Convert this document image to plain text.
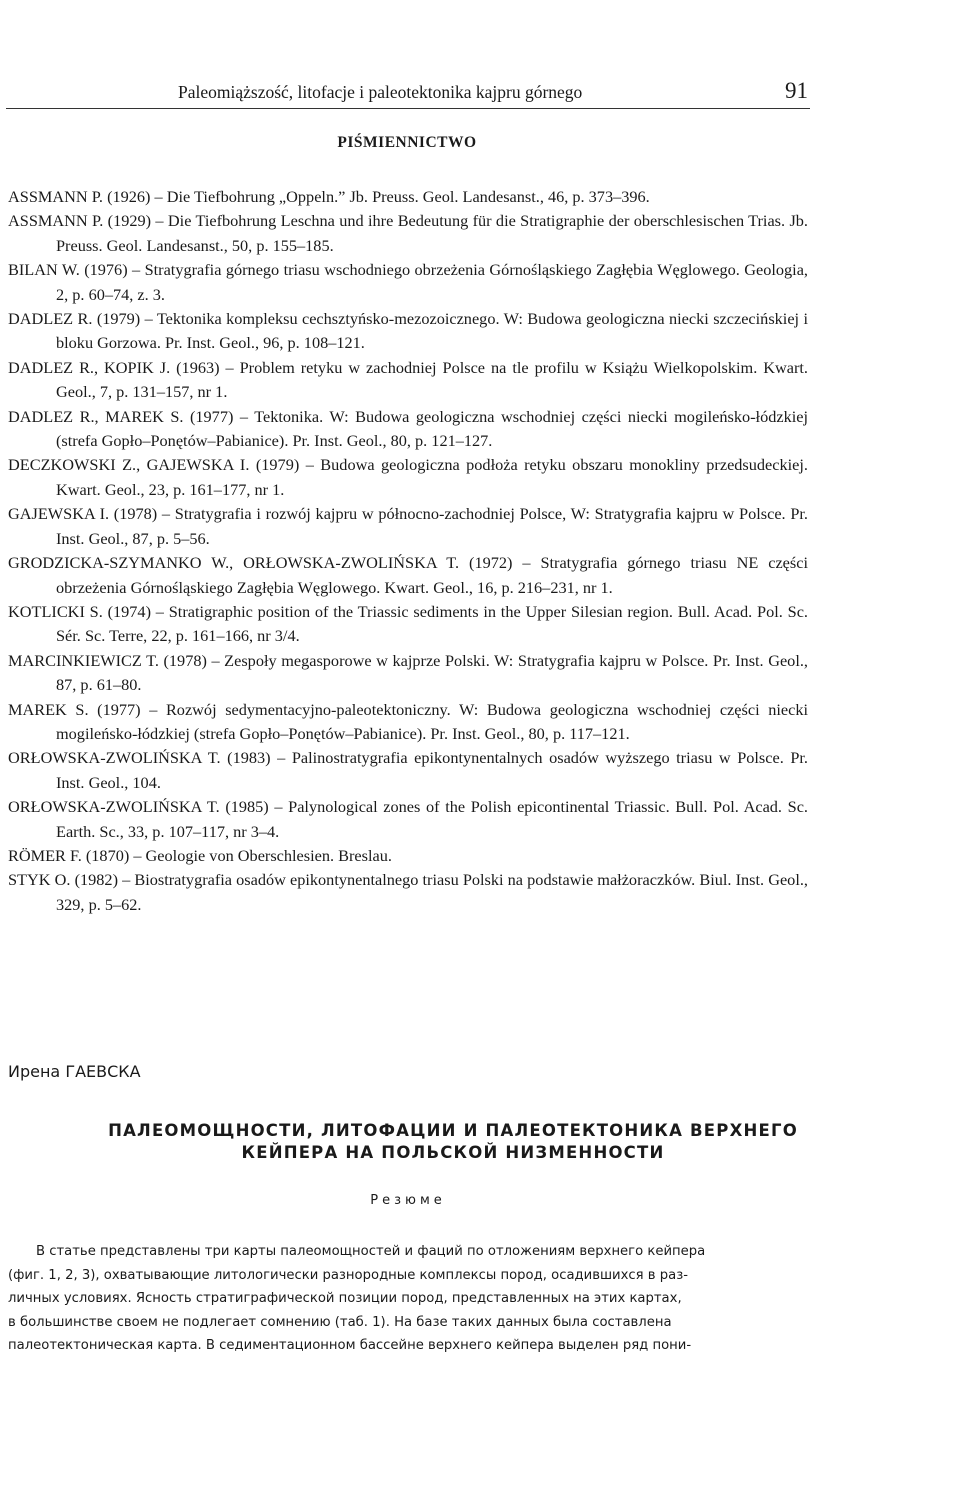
Paleomiąższość, litofacje i paleotektonika kajpru górnego	91
PIŚMIENNICTWO
ASSMANN P. (1926) – Die Tiefbohrung „Oppeln.” Jb. Preuss. Geol. Landesanst., 46, p. 373–396.
ASSMANN P. (1929) – Die Tiefbohrung Leschna und ihre Bedeutung für die Stratigraphie der oberschlesischen Trias. Jb. Preuss. Geol. Landesanst., 50, p. 155–185.
BILAN W. (1976) – Stratygrafia górnego triasu wschodniego obrzeżenia Górnośląskiego Zagłębia Węglowego. Geologia, 2, p. 60–74, z. 3.
DADLEZ R. (1979) – Tektonika kompleksu cechsztyńsko-mezozoicznego. W: Budowa geologiczna niecki szczecińskiej i bloku Gorzowa. Pr. Inst. Geol., 96, p. 108–121.
DADLEZ R., KOPIK J. (1963) – Problem retyku w zachodniej Polsce na tle profilu w Książu Wielkopolskim. Kwart. Geol., 7, p. 131–157, nr 1.
DADLEZ R., MAREK S. (1977) – Tektonika. W: Budowa geologiczna wschodniej części niecki mogileńsko-łódzkiej (strefa Gopło–Ponętów–Pabianice). Pr. Inst. Geol., 80, p. 121–127.
DECZKOWSKI Z., GAJEWSKA I. (1979) – Budowa geologiczna podłoża retyku obszaru monokliny przedsudeckiej. Kwart. Geol., 23, p. 161–177, nr 1.
GAJEWSKA I. (1978) – Stratygrafia i rozwój kajpru w północno-zachodniej Polsce, W: Stratygrafia kajpru w Polsce. Pr. Inst. Geol., 87, p. 5–56.
GRODZICKA-SZYMANKO W., ORŁOWSKA-ZWOLIŃSKA T. (1972) – Stratygrafia górnego triasu NE części obrzeżenia Górnośląskiego Zagłębia Węglowego. Kwart. Geol., 16, p. 216–231, nr 1.
KOTLICKI S. (1974) – Stratigraphic position of the Triassic sediments in the Upper Silesian region. Bull. Acad. Pol. Sc. Sér. Sc. Terre, 22, p. 161–166, nr 3/4.
MARCINKIEWICZ T. (1978) – Zespoły megasporowe w kajprze Polski. W: Stratygrafia kajpru w Polsce. Pr. Inst. Geol., 87, p. 61–80.
MAREK S. (1977) – Rozwój sedymentacyjno-paleotektoniczny. W: Budowa geologiczna wschodniej części niecki mogileńsko-łódzkiej (strefa Gopło–Ponętów–Pabianice). Pr. Inst. Geol., 80, p. 117–121.
ORŁOWSKA-ZWOLIŃSKA T. (1983) – Palinostratygrafia epikontynentalnych osadów wyższego triasu w Polsce. Pr. Inst. Geol., 104.
ORŁOWSKA-ZWOLIŃSKA T. (1985) – Palynological zones of the Polish epicontinental Triassic. Bull. Pol. Acad. Sc. Earth. Sc., 33, p. 107–117, nr 3–4.
RÖMER F. (1870) – Geologie von Oberschlesien. Breslau.
STYK O. (1982) – Biostratygrafia osadów epikontynentalnego triasu Polski na podstawie małżoraczków. Biul. Inst. Geol., 329, p. 5–62.
Ирена ГАЕВСКА
ПАЛЕОМОЩНОСТИ, ЛИТОФАЦИИ И ПАЛЕОТЕКТОНИКА ВЕРХНЕГО
КЕЙПЕРА НА ПОЛЬСКОЙ НИЗМЕННОСТИ
Резюме

В статье представлены три карты палеомощностей и фаций по отложениям верхнего кейпера
(фиг. 1, 2, 3), охватывающие литологически разнородные комплексы пород, осадившихся в раз-
личных условиях. Ясность стратиграфической позиции пород, представленных на этих картах,
в большинстве своем не подлегает сомнению (таб. 1). На базе таких данных была составлена
палеотектоническая карта. В седиментационном бассейне верхнего кейпера выделен ряд пони-
